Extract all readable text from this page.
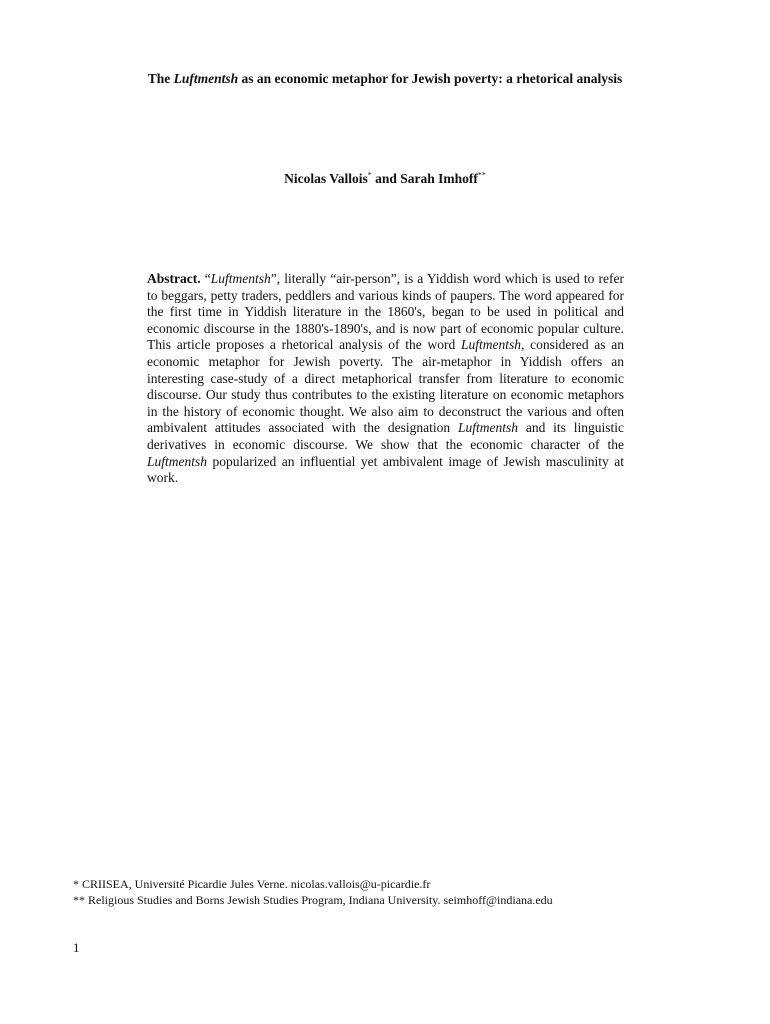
The Luftmentsh as an economic metaphor for Jewish poverty: a rhetorical analysis
Nicolas Vallois* and Sarah Imhoff**
Abstract. “Luftmentsh”, literally “air-person”, is a Yiddish word which is used to refer to beggars, petty traders, peddlers and various kinds of paupers. The word appeared for the first time in Yiddish literature in the 1860's, began to be used in political and economic discourse in the 1880's-1890's, and is now part of economic popular culture. This article proposes a rhetorical analysis of the word Luftmentsh, considered as an economic metaphor for Jewish poverty. The air-metaphor in Yiddish offers an interesting case-study of a direct metaphorical transfer from literature to economic discourse. Our study thus contributes to the existing literature on economic metaphors in the history of economic thought. We also aim to deconstruct the various and often ambivalent attitudes associated with the designation Luftmentsh and its linguistic derivatives in economic discourse. We show that the economic character of the Luftmentsh popularized an influential yet ambivalent image of Jewish masculinity at work.
* CRIISEA, Université Picardie Jules Verne. nicolas.vallois@u-picardie.fr
** Religious Studies and Borns Jewish Studies Program, Indiana University. seimhoff@indiana.edu
1
